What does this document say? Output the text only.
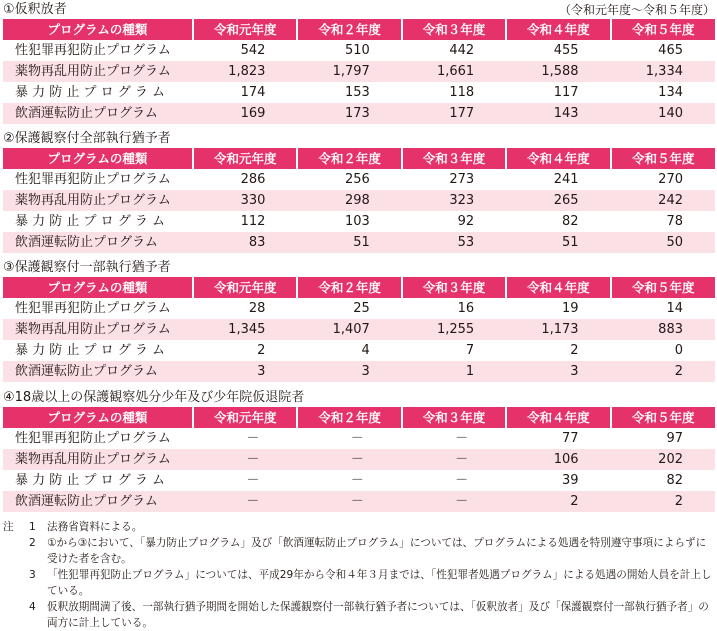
（令和元年度～令和５年度）
①仮釈放者
プログラムの種類	令和元年度	令和２年度	令和３年度	令和４年度	令和５年度
性犯罪再犯防止プログラム	542	510	442	455	465
薬物再乱用防止プログラム	1,823	1,797	1,661	1,588	1,334
暴 力 防 止 プ ロ グ ラ ム	174	153	118	117	134
飲酒運転防止プログラム	169	173	177	143	140
②保護観察付全部執行猶予者
プログラムの種類	令和元年度	令和２年度	令和３年度	令和４年度	令和５年度
性犯罪再犯防止プログラム	286	256	273	241	270
薬物再乱用防止プログラム	330	298	323	265	242
暴 力 防 止 プ ロ グ ラ ム	112	103	92	82	78
飲酒運転防止プログラム	83	51	53	51	50
③保護観察付一部執行猶予者
プログラムの種類	令和元年度	令和２年度	令和３年度	令和４年度	令和５年度
性犯罪再犯防止プログラム	28	25	16	19	14
薬物再乱用防止プログラム	1,345	1,407	1,255	1,173	883
暴 力 防 止 プ ロ グ ラ ム	2	4	7	2	0
飲酒運転防止プログラム	3	3	1	3	2
④18歳以上の保護観察処分少年及び少年院仮退院者
プログラムの種類	令和元年度	令和２年度	令和３年度	令和４年度	令和５年度
性犯罪再犯防止プログラム	－	－	－	77	97
薬物再乱用防止プログラム	－	－	－	106	202
暴 力 防 止 プ ロ グ ラ ム	－	－	－	39	82
飲酒運転防止プログラム	－	－	－	2	2
注 1	法務省資料による。
2	①から③において、「暴力防止プログラム」及び「飲酒運転防止プログラム」については、プログラムによる処遇を特別遵守事項によらずに受けた者を含む。
3	「性犯罪再犯防止プログラム」については、平成29年から令和４年３月までは、「性犯罪者処遇プログラム」による処遇の開始人員を計上している。
4	仮釈放期間満了後、一部執行猶予期間を開始した保護観察付一部執行猶予者については、「仮釈放者」及び「保護観察付一部執行猶予者」の両方に計上している。
